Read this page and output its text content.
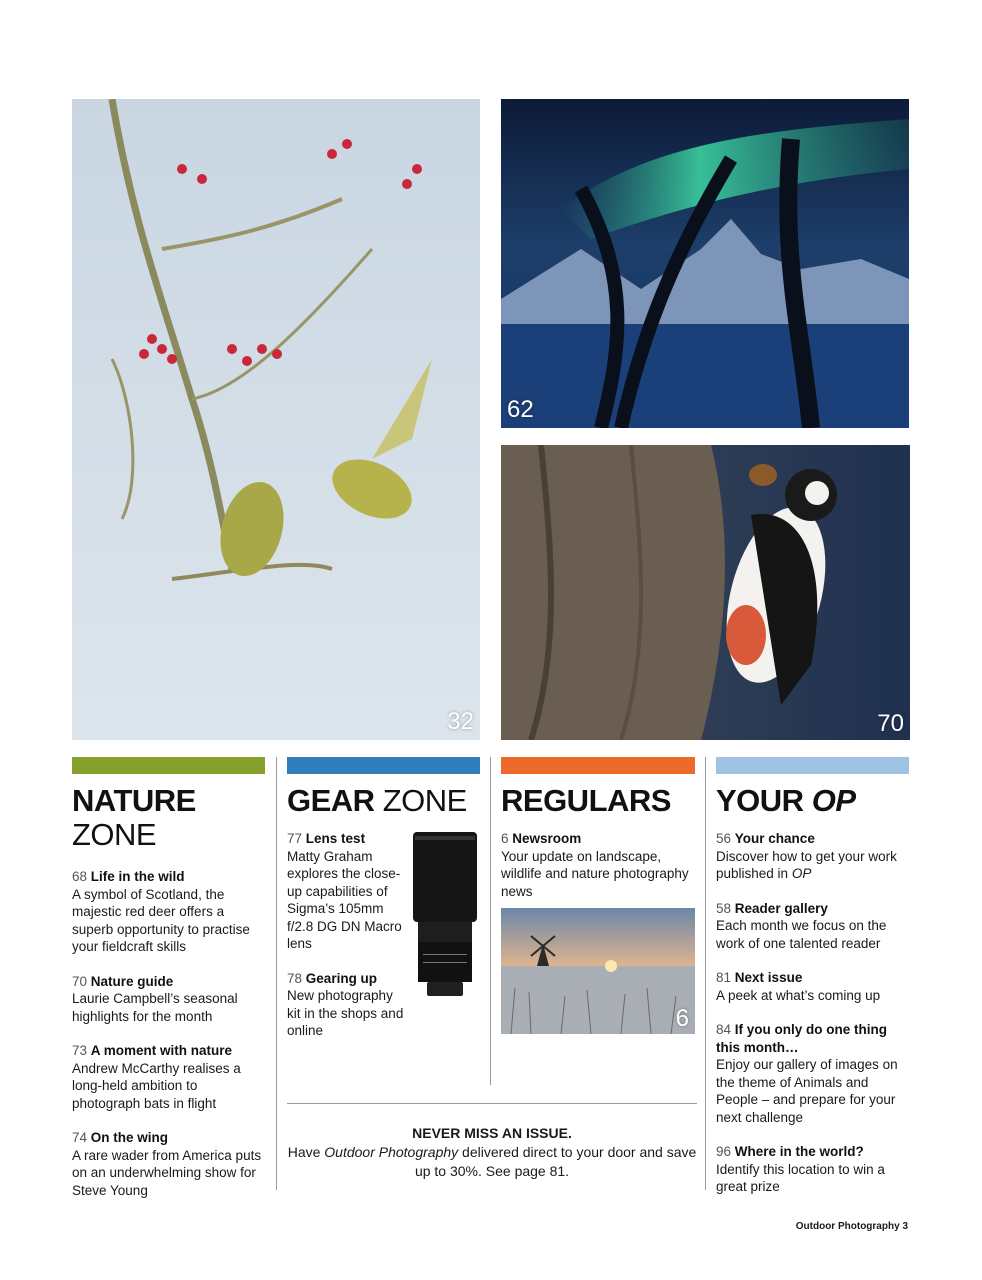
32
62
70
NATURE
ZONE
68 Life in the wild
A symbol of Scotland, the majestic red deer offers a superb opportunity to practise your fieldcraft skills
70 Nature guide
Laurie Campbell’s seasonal highlights for the month
73 A moment with nature
Andrew McCarthy realises a long-held ambition to photograph bats in flight
74 On the wing
A rare wader from America puts on an underwhelming show for Steve Young
GEAR ZONE
77 Lens test
Matty Graham explores the close-up capabilities of Sigma’s 105mm f/2.8 DG DN Macro lens
78 Gearing up
New photography kit in the shops and online
REGULARS
6 Newsroom
Your update on landscape, wildlife and nature photography news
6
YOUR OP
56 Your chance
Discover how to get your work published in OP
58 Reader gallery
Each month we focus on the work of one talented reader
81 Next issue
A peek at what’s coming up
84 If you only do one thing this month…
Enjoy our gallery of images on the theme of Animals and People – and prepare for your next challenge
96 Where in the world?
Identify this location to win a great prize
NEVER MISS AN ISSUE.
Have Outdoor Photography delivered direct to your door and save up to 30%. See page 81.
Outdoor Photography 3
